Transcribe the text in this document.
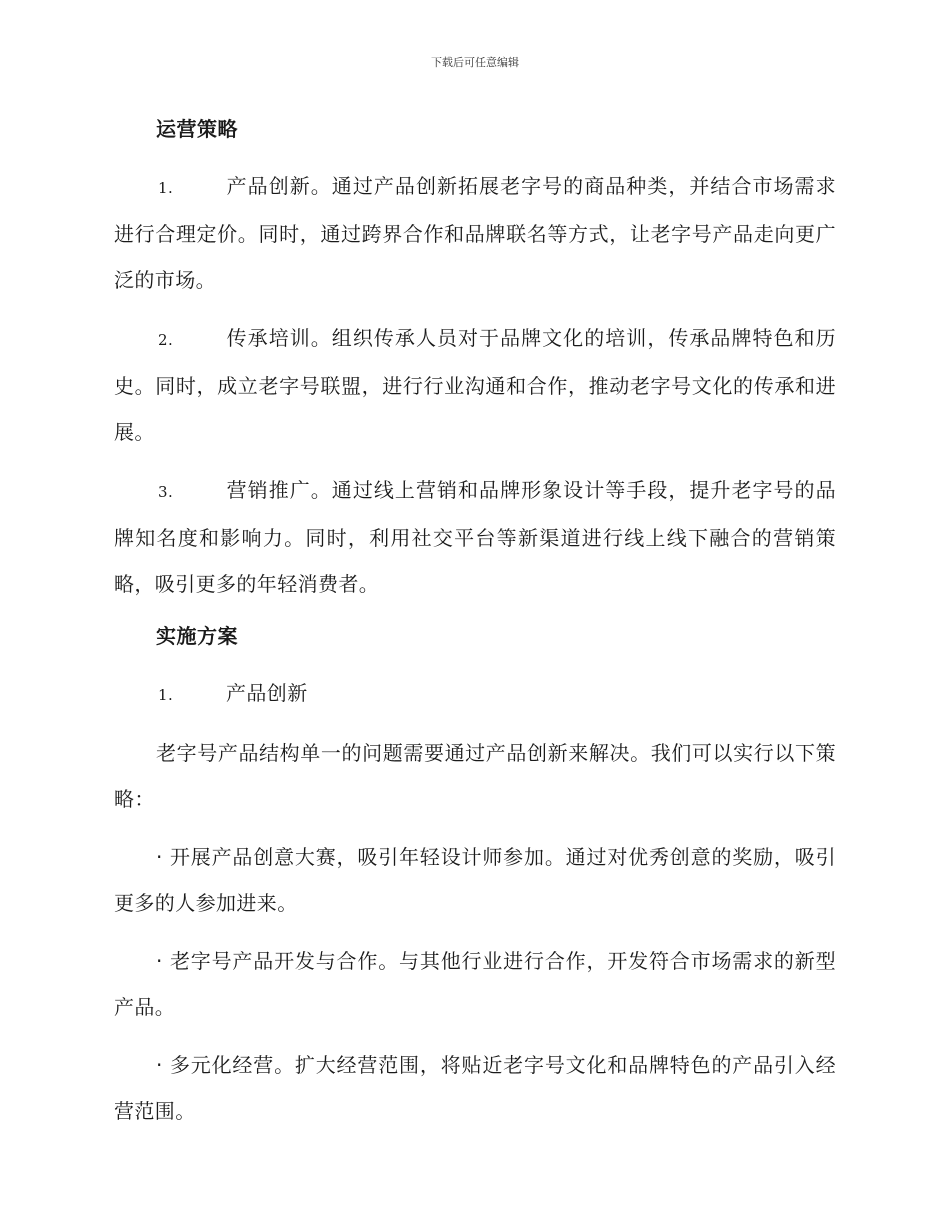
下载后可任意编辑
运营策略

1.	产品创新。通过产品创新拓展老字号的商品种类，并结合市场需求进行合理定价。同时，通过跨界合作和品牌联名等方式，让老字号产品走向更广泛的市场。

2.	传承培训。组织传承人员对于品牌文化的培训，传承品牌特色和历史。同时，成立老字号联盟，进行行业沟通和合作，推动老字号文化的传承和进展。

3.	营销推广。通过线上营销和品牌形象设计等手段，提升老字号的品牌知名度和影响力。同时，利用社交平台等新渠道进行线上线下融合的营销策略，吸引更多的年轻消费者。

实施方案

1.	产品创新

老字号产品结构单一的问题需要通过产品创新来解决。我们可以实行以下策略：

· 开展产品创意大赛，吸引年轻设计师参加。通过对优秀创意的奖励，吸引更多的人参加进来。

· 老字号产品开发与合作。与其他行业进行合作，开发符合市场需求的新型产品。

· 多元化经营。扩大经营范围，将贴近老字号文化和品牌特色的产品引入经营范围。
